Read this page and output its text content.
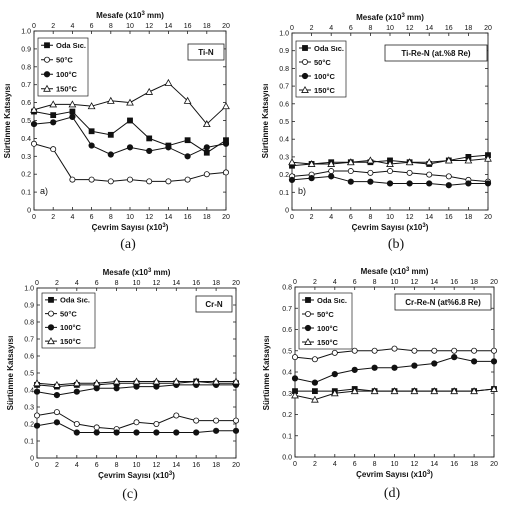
0 2 4 6 8 10 12 14 16 18 20
0 2 4 6 8 10 12 14 16 18 20
0
0.1
0.2
0.3
0.4
0.5
0.6
0.7
0.8
0.9
1.0
Çevrim Sayısı $(x10^3)$
Mesafe ($x10^3$ mm)
Sürtünme Katsayısı
Ti-N
Oda Sıc.
50°C
100°C
150°C
a)
(a)
0 2 4 6 8 10 12 14 16 18 20
0 2 4 6 8 10 12 14 16 18 20
0
0.1
0.2
0.3
0.4
0.5
0.6
0.7
0.8
0.9
1.0
Çevrim Sayısı $(x10^3)$
Mesafe ($x10^3$ mm)
Sürtünme Katsayısı
Ti-Re-N (at.%8 Re)
Oda Sıc.
50°C
100°C
150°C
b)
(b)
0 2 4 6 8 10 12 14 16 18 20
0 2 4 6 8 10 12 14 16 18 20
0
0.1
0.2
0.3
0.4
0.5
0.6
0.7
0.8
0.9
1.0
Çevrim Sayısı $(x10^3)$
Mesafe ($x10^3$ mm)
Sürtünme Katsayısı
Cr-N
Oda Sıc.
50°C
100°C
150°C
(c)
0 2 4 6 8 10 12 14 16 18 20
0 2 4 6 8 10 12 14 16 18 20
0.0
0.1
0.2
0.3
0.4
0.5
0.6
0.7
0.8
Çevrim Sayısı $(x10^3)$
Mesafe ($x10^3$ mm)
Sürtünme Katsayısı
Cr-Re-N (at%6.8 Re)
Oda Sıc.
50°C
100°C
150°C
(d)
